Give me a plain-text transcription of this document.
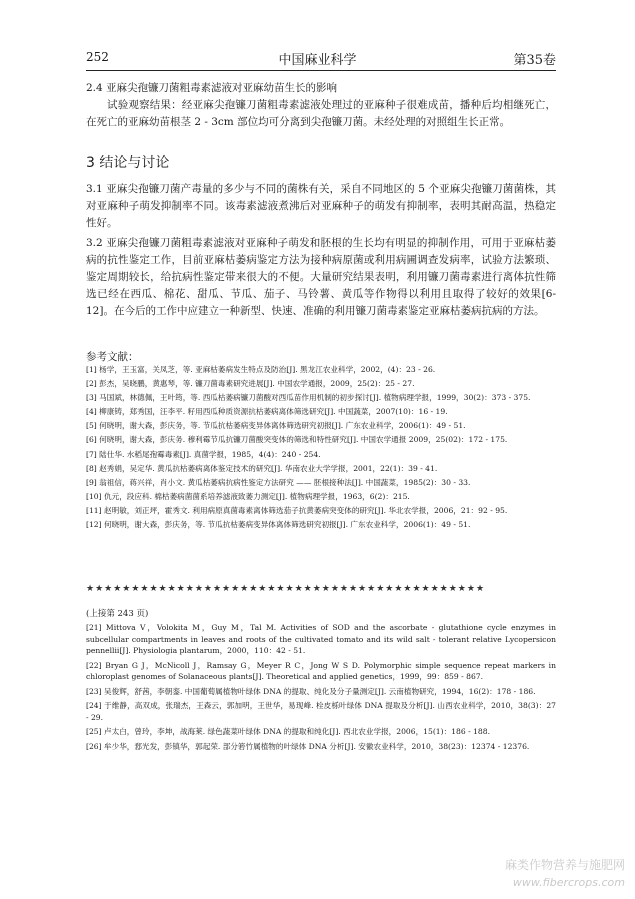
252	中国麻业科学	第35卷
2.4 亚麻尖孢镰刀菌粗毒素滤液对亚麻幼苗生长的影响
试验观察结果：经亚麻尖孢镰刀菌粗毒素滤液处理过的亚麻种子很难成苗，播种后均相继死亡，在死亡的亚麻幼苗根茎 2 - 3cm 部位均可分离到尖孢镰刀菌。未经处理的对照组生长正常。
3 结论与讨论
3.1 亚麻尖孢镰刀菌产毒量的多少与不同的菌株有关，采自不同地区的 5 个亚麻尖孢镰刀菌菌株，其对亚麻种子萌发抑制率不同。该毒素滤液煮沸后对亚麻种子的萌发有抑制率，表明其耐高温，热稳定性好。
3.2 亚麻尖孢镰刀菌粗毒素滤液对亚麻种子萌发和胚根的生长均有明显的抑制作用，可用于亚麻枯萎病的抗性鉴定工作，目前亚麻枯萎病鉴定方法为接种病原菌或利用病圃调查发病率，试验方法繁琐、鉴定周期较长，给抗病性鉴定带来很大的不便。大量研究结果表明，利用镰刀菌毒素进行离体抗性筛选已经在西瓜、棉花、甜瓜、节瓜、茄子、马铃薯、黄瓜等作物得以利用且取得了较好的效果[6-12]。在今后的工作中应建立一种新型、快速、准确的利用镰刀菌毒素鉴定亚麻枯萎病抗病的方法。
参考文献：

[1] 杨学，王玉富，关凤芝，等. 亚麻枯萎病发生特点及防治[J]. 黑龙江农业科学，2002，(4)：23 - 26.

[2] 彭杰，吴晓鹏，黄惠琴，等. 镰刀菌毒素研究进展[J]. 中国农学通报，2009，25(2)：25 - 27.

[3] 马国斌，林德佩，王叶筠，等. 西瓜枯萎病镰刀菌酸对西瓜苗作用机制的初步探讨[J]. 植物病理学报，1999，30(2)：373 - 375.

[4] 柳康铸，郑秀国，汪李平. 籽用西瓜种质资源抗枯萎病离体筛选研究[J]. 中国蔬菜，2007(10)：16 - 19.

[5] 何晓明，谢大森，彭庆务，等. 节瓜抗枯萎病变异体离体筛选研究初报[J]. 广东农业科学，2006(1)：49 - 51.

[6] 何晓明，谢大森，彭庆务. 穆利霉节瓜抗镰刀菌酸突变体的筛选和特性研究[J]. 中国农学通报 2009，25(02)：172 - 175.

[7] 陆仕华. 水稻尾孢霉毒素[J]. 真菌学报，1985，4(4)：240 - 254.

[8] 赵秀娟，吴定华. 黄瓜抗枯萎病离体鉴定技术的研究[J]. 华南农业大学学报，2001，22(1)：39 - 41.

[9] 翁祖信，蒋兴祥，肖小文. 黄瓜枯萎病抗病性鉴定方法研究 —— 胚根接种法[J]. 中国蔬菜，1985(2)：30 - 33.

[10] 仇元，段应科. 棉枯萎病菌菌系培养滤液致萎力测定[J]. 植物病理学报，1963，6(2)：215.

[11] 赵明敏，刘正坪，霍秀文. 利用病原真菌毒素离体筛选茄子抗黄萎病突变体的研究[J]. 华北农学报，2006，21：92 - 95.

[12] 何晓明，谢大森，彭庆务，等. 节瓜抗枯萎病变异体离体筛选研究初报[J]. 广东农业科学，2006(1)：49 - 51.

★★★★★★★★★★★★★★★★★★★★★★★★★★★★★★★★★★★★★★★★★★★★
(上接第 243 页)

[21] Mittova V，Volokita M，Guy M，Tal M. Activities of SOD and the ascorbate - glutathione cycle enzymes in subcellular compartments in leaves and roots of the cultivated tomato and its wild salt - tolerant relative Lycopersicon pennellii[J]. Physiologia plantarum，2000，110：42 - 51.

[22] Bryan G J，McNicoll J，Ramsay G，Meyer R C，Jong W S D. Polymorphic simple sequence repeat markers in chloroplast genomes of Solanaceous plants[J]. Theoretical and applied genetics，1999，99：859 - 867.

[23] 吴俊辉，舒茜，李朝銮. 中国葡萄属植物叶绿体 DNA 的提取、纯化及分子量测定[J]. 云南植物研究，1994，16(2)：178 - 186.

[24] 于维静，高双成，张瑞杰，王森云，郭加明，王世华，易现峰. 栓皮栎叶绿体 DNA 提取及分析[J]. 山西农业科学，2010，38(3)：27 - 29.

[25] 卢太白，曾玲，李坤，战海莱. 绿色蔬菜叶绿体 DNA 的提取和纯化[J]. 西北农业学报，2006，15(1)：186 - 188.

[26] 牟少华，郄光发，彭镇华，郭起荣. 部分箬竹属植物的叶绿体 DNA 分析[J]. 安徽农业科学，2010，38(23)：12374 - 12376.

麻类作物营养与施肥网
www.fibercrops.com
